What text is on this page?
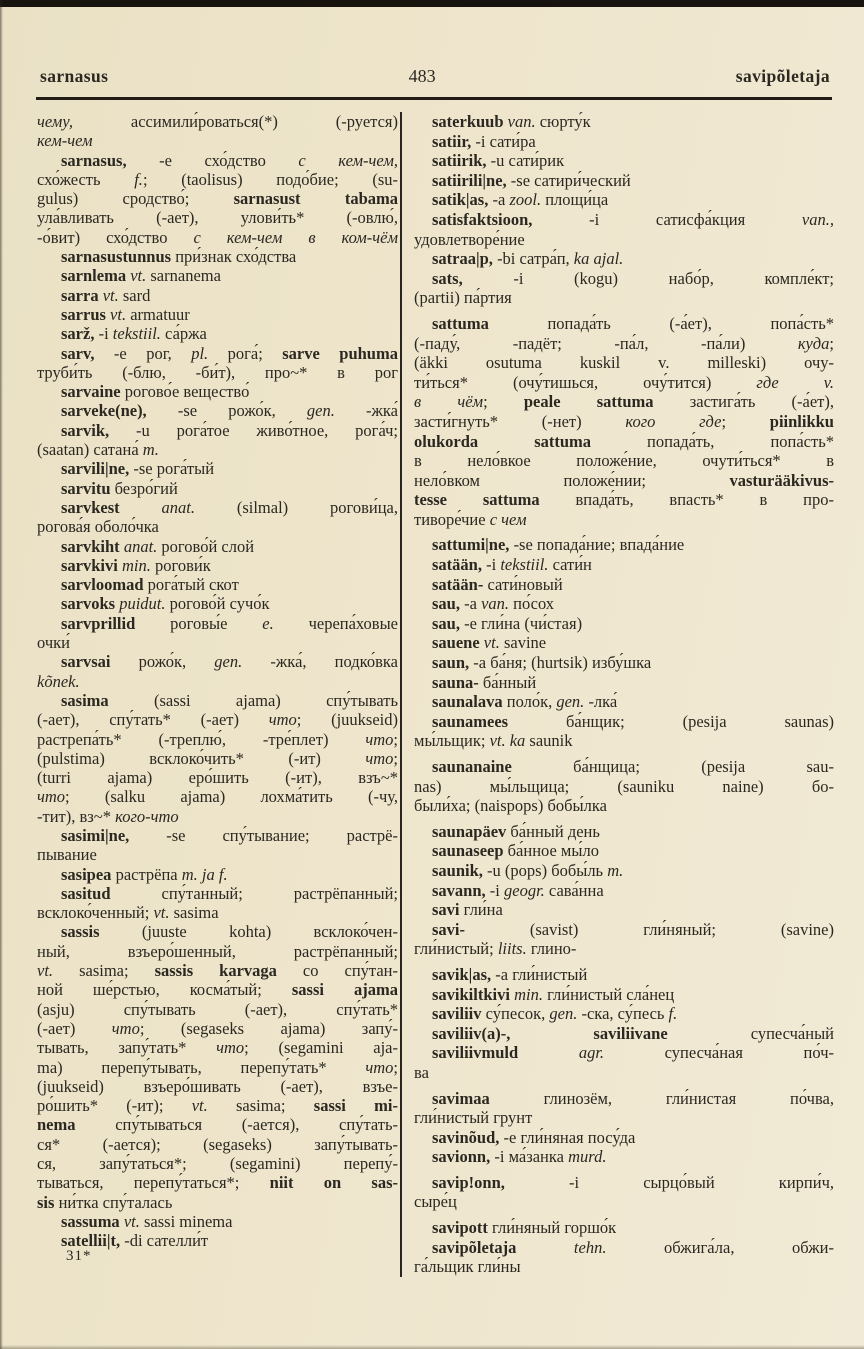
sarnasus	483	savipõletaja
чему, ассимили́роваться(*) (-руется)
кем-чем
sarnasus, -e схо́дство с кем-чем,
схо́жесть f.; (taolisus) подо́бие; (su-
gulus) сродство́; sarnasust tabama
ула́вливать (-ает), улови́ть* (-овлю́,
-о́вит) схо́дство с кем-чем в ком-чём
sarnasustunnus при́знак схо́дства
sarnlema vt. sarnanema
sarra vt. sard
sarrus vt. armatuur
sarž, -i tekstiil. са́ржа
sarv, -e рог, pl. рога́; sarve puhuma
труби́ть (-блю, -би́т), про~* в рог
sarvaine рогово́е вещество́
sarveke(ne), -se рожо́к, gen. -жка́
sarvik, -u рога́тое живо́тное, рога́ч;
(saatan) сатана́ m.
sarvili|ne, -se рога́тый
sarvitu безро́гий
sarvkest anat. (silmal) рогови́ца,
рогова́я оболо́чка
sarvkiht anat. рогово́й слой
sarvkivi min. рогови́к
sarvloomad рога́тый скот
sarvoks puidut. рогово́й сучо́к
sarvprillid роговы́е e. черепа́ховые
очки́
sarvsai рожо́к, gen. -жка́, подко́вка
kõnek.
sasima (sassi ajama) спу́тывать
(-ает), спу́тать* (-ает) что; (juukseid)
растрепа́ть* (-треплю́, -тре́плет) что;
(pulstima) всклоко́чить* (-ит) что;
(turri ajama) еро́шить (-ит), взъ~*
что; (salku ajama) лохма́тить (-чу,
-тит), вз~* кого-что
sasimi|ne, -se спу́тывание; растрё-
пывание
sasipea растрёпа m. ja f.
sasitud спу́танный; растрёпанный;
всклоко́ченный; vt. sasima
sassis (juuste kohta) всклоко́чен-
ный, взъеро́шенный, растрёпанный;
vt. sasima; sassis karvaga со спу́тан-
ной ше́рстью, косма́тый; sassi ajama
(asju) спу́тывать (-ает), спу́тать*
(-ает) что; (segaseks ajama) запу́-
тывать, запу́тать* что; (segamini aja-
ma) перепу́тывать, перепу́тать* что;
(juukseid) взъеро́шивать (-ает), взъе-
ро́шить* (-ит); vt. sasima; sassi mi-
nema спу́тываться (-ается), спу́тать-
ся* (-ается); (segaseks) запу́тывать-
ся, запу́таться*; (segamini) перепу́-
тываться, перепу́таться*; niit on sas-
sis ни́тка спу́талась
sassuma vt. sassi minema
satellii|t, -di сателли́т
saterkuub van. сюрту́к
satiir, -i сати́ра
satiirik, -u сати́рик
satiirili|ne, -se сатири́ческий
satik|as, -a zool. площи́ца
satisfaktsioon, -i сатисфа́кция van.,
удовлетворе́ние
satraa|p, -bi сатра́п, ka ajal.
sats, -i (kogu) набо́р, компле́кт;
(partii) па́ртия
sattuma попада́ть (-а́ет), попа́сть*
(-паду́, -падёт; -па́л, -па́ли) куда;
(äkki osutuma kuskil v. milleski) очу-
ти́ться* (очу́тишься, очу́тится) где v.
в чём; peale sattuma застига́ть (-а́ет),
засти́гнуть* (-нет) кого где; piinlikku
olukorda sattuma попада́ть, попа́сть*
в нело́вкое положе́ние, очути́ться* в
нело́вком положе́нии; vasturääkivus-
tesse sattuma впада́ть, впасть* в про-
тиворе́чие с чем
sattumi|ne, -se попада́ние; впада́ние
satään, -i tekstiil. сати́н
satään- сати́новый
sau, -a van. по́сох
sau, -e гли́на (чи́стая)
sauene vt. savine
saun, -a ба́ня; (hurtsik) избу́шка
sauna- ба́нный
saunalava поло́к, gen. -лка́
saunamees ба́нщик; (pesija saunas)
мы́льщик; vt. ka saunik
saunanaine ба́нщица; (pesija sau-
nas) мы́льщица; (sauniku naine) бо-
были́ха; (naispops) бобы́лка
saunapäev ба́нный день
saunaseep ба́нное мы́ло
saunik, -u (pops) бобы́ль m.
savann, -i geogr. сава́нна
savi гли́на
savi- (savist) гли́няный; (savine)
гли́нистый; liits. глино-
savik|as, -a гли́нистый
savikiltkivi min. гли́нистый сла́нец
saviliiv су́песок, gen. -ска, су́песь f.
saviliiv(a)-, saviliivane супесча́ный
saviliivmuld agr. супесча́ная по́ч-
ва
savimaa глинозём, гли́нистая по́чва,
гли́нистый грунт
savinõud, -e гли́няная посу́да
savionn, -i ма́занка murd.
savip!onn, -i сырцо́вый кирпи́ч,
сыре́ц
savipott гли́няный горшо́к
savipõletaja tehn. обжига́ла, обжи-
га́льщик гли́ны
31*
